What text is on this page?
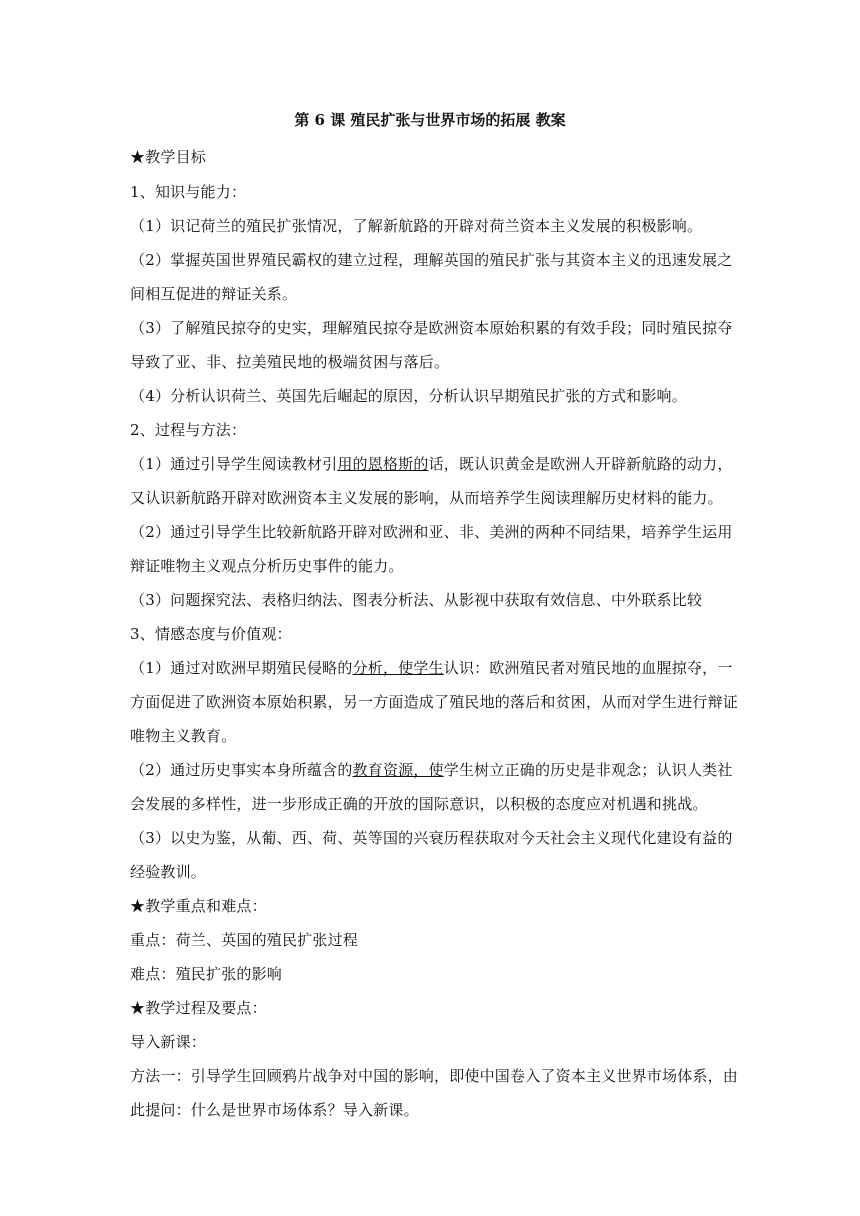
第 6 课 殖民扩张与世界市场的拓展 教案
★教学目标
1、知识与能力：
（1）识记荷兰的殖民扩张情况，了解新航路的开辟对荷兰资本主义发展的积极影响。
（2）掌握英国世界殖民霸权的建立过程，理解英国的殖民扩张与其资本主义的迅速发展之
间相互促进的辩证关系。
（3）了解殖民掠夺的史实，理解殖民掠夺是欧洲资本原始积累的有效手段；同时殖民掠夺
导致了亚、非、拉美殖民地的极端贫困与落后。
（4）分析认识荷兰、英国先后崛起的原因，分析认识早期殖民扩张的方式和影响。
2、过程与方法：
（1）通过引导学生阅读教材引用的恩格斯的话，既认识黄金是欧洲人开辟新航路的动力，
又认识新航路开辟对欧洲资本主义发展的影响，从而培养学生阅读理解历史材料的能力。
（2）通过引导学生比较新航路开辟对欧洲和亚、非、美洲的两种不同结果，培养学生运用
辩证唯物主义观点分析历史事件的能力。
（3）问题探究法、表格归纳法、图表分析法、从影视中获取有效信息、中外联系比较
3、情感态度与价值观：
（1）通过对欧洲早期殖民侵略的分析，使学生认识：欧洲殖民者对殖民地的血腥掠夺，一
方面促进了欧洲资本原始积累，另一方面造成了殖民地的落后和贫困，从而对学生进行辩证
唯物主义教育。
（2）通过历史事实本身所蕴含的教育资源，使学生树立正确的历史是非观念；认识人类社
会发展的多样性，进一步形成正确的开放的国际意识，以积极的态度应对机遇和挑战。
（3）以史为鉴，从葡、西、荷、英等国的兴衰历程获取对今天社会主义现代化建设有益的
经验教训。
★教学重点和难点：
重点：荷兰、英国的殖民扩张过程
难点：殖民扩张的影响
★教学过程及要点：
导入新课：
方法一：引导学生回顾鸦片战争对中国的影响，即使中国卷入了资本主义世界市场体系，由
此提问：什么是世界市场体系？导入新课。
